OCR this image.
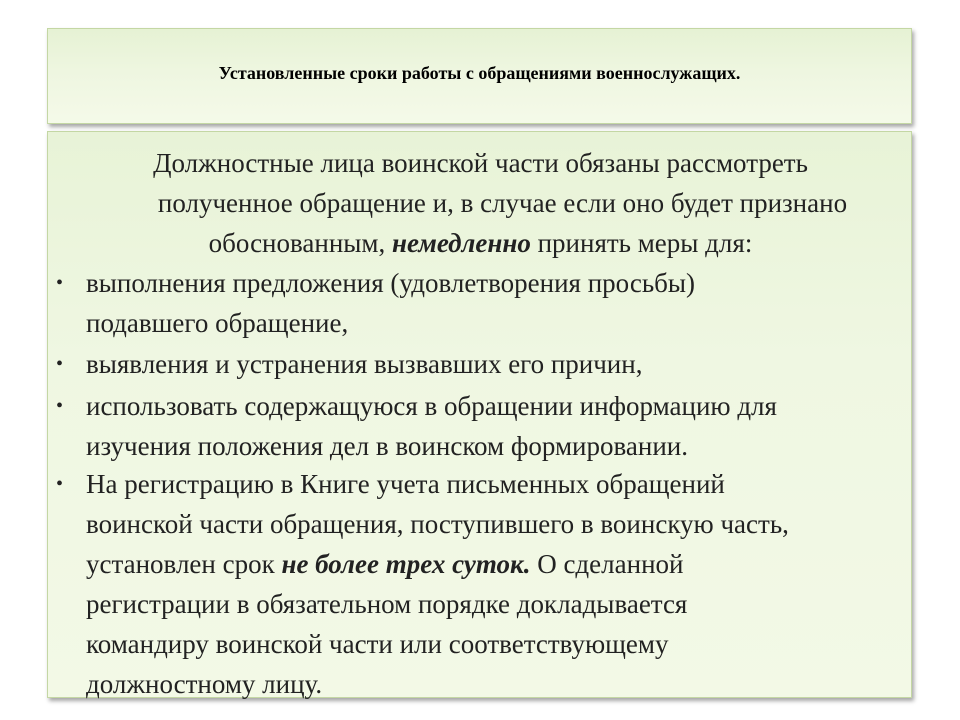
Установленные сроки работы с обращениями военнослужащих.
Должностные лица воинской части обязаны рассмотреть
полученное обращение и, в случае если оно будет признано
обоснованным, немедленно принять меры для:
• выполнения предложения (удовлетворения просьбы)
подавшего обращение,
• выявления и устранения вызвавших его причин,
• использовать содержащуюся в обращении информацию для
изучения положения дел в воинском формировании.
• На регистрацию в Книге учета письменных обращений
воинской части обращения, поступившего в воинскую часть,
установлен срок не более трех суток. О сделанной
регистрации в обязательном порядке докладывается
командиру воинской части или соответствующему
должностному лицу.
